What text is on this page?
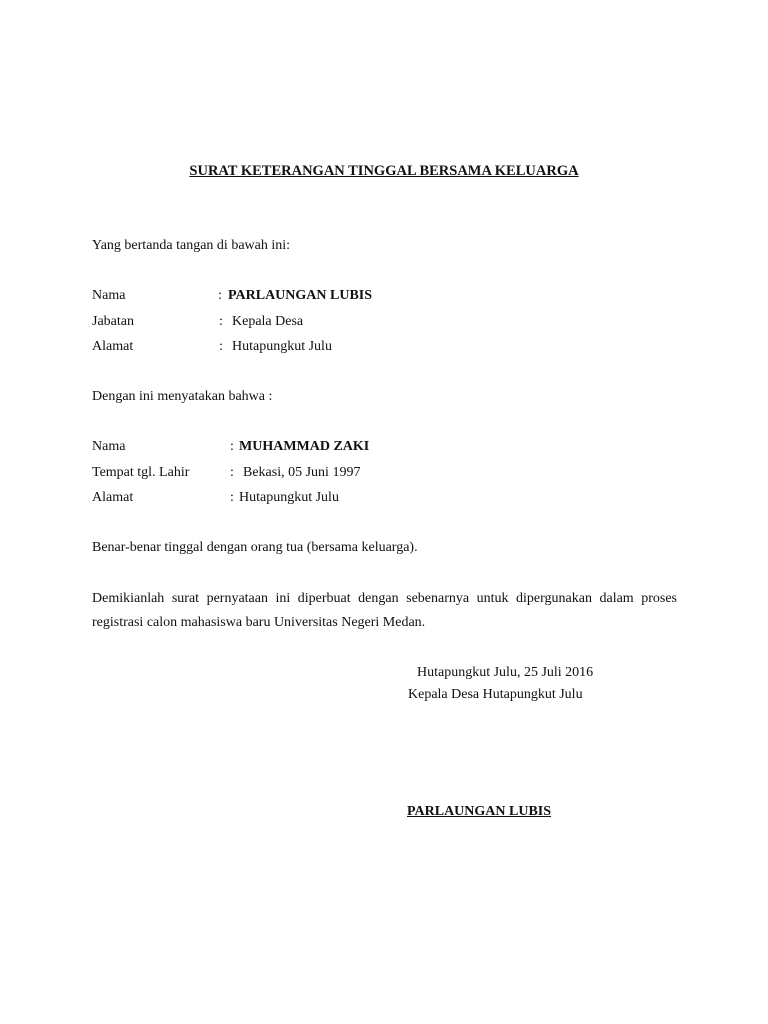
SURAT KETERANGAN TINGGAL BERSAMA KELUARGA
Yang bertanda tangan di bawah ini:
Nama	: PARLAUNGAN LUBIS
Jabatan	: Kepala Desa
Alamat	: Hutapungkut Julu
Dengan ini menyatakan bahwa :
Nama	: MUHAMMAD ZAKI
Tempat tgl. Lahir	: Bekasi, 05 Juni 1997
Alamat	: Hutapungkut Julu
Benar-benar tinggal dengan orang tua (bersama keluarga).
Demikianlah surat pernyataan ini diperbuat dengan sebenarnya untuk dipergunakan dalam proses registrasi calon mahasiswa baru Universitas Negeri Medan.
Hutapungkut Julu, 25 Juli 2016
Kepala Desa Hutapungkut Julu
PARLAUNGAN LUBIS
